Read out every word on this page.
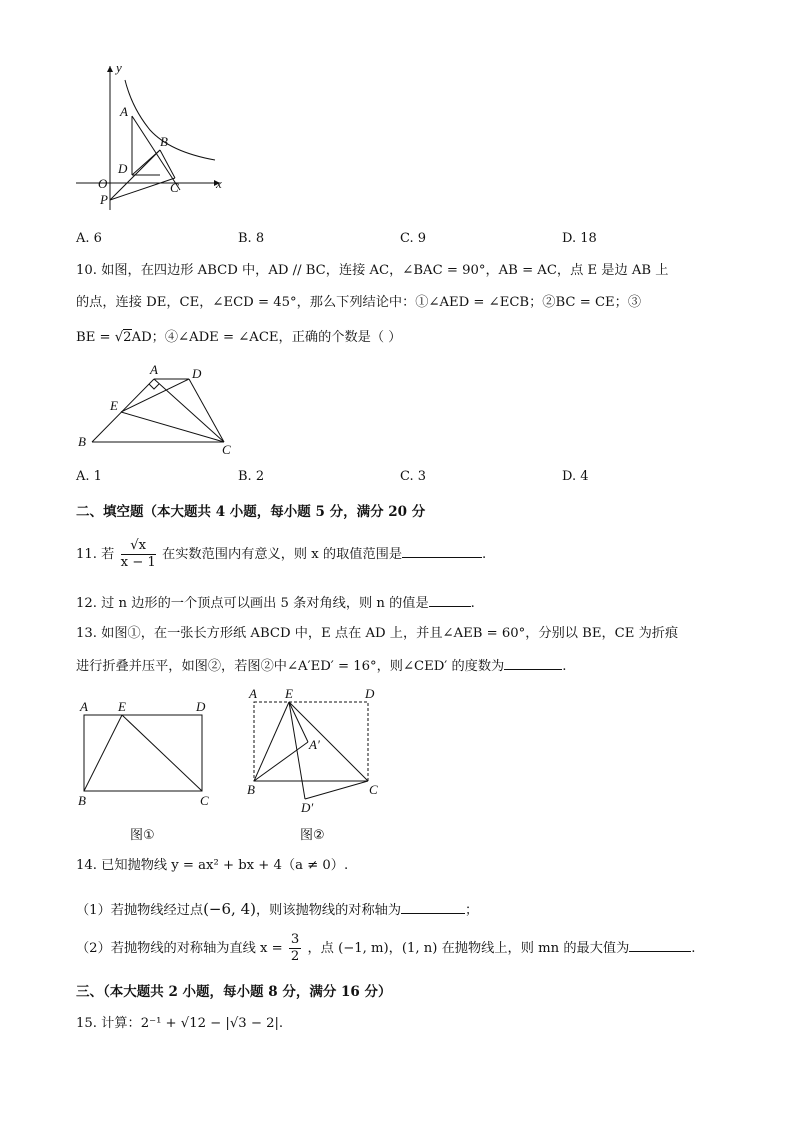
y
x
O
A
B
C
D
P
A. 6	B. 8	C. 9	D. 18
10. 如图，在四边形 ABCD 中，AD // BC，连接 AC，∠BAC = 90°，AB = AC，点 E 是边 AB 上
的点，连接 DE，CE，∠ECD = 45°，那么下列结论中：①∠AED = ∠ECB；②BC = CE；③
BE = √2AD；④∠ADE = ∠ACE，正确的个数是（ ）
A	D
E
B
C
A. 1	B. 2	C. 3	D. 4
二、填空题（本大题共 4 小题，每小题 5 分，满分 20 分
11. 若 $\frac{√x}{x - 1}$ 在实数范围内有意义，则 x 的取值范围是	.
12. 过 n 边形的一个顶点可以画出 5 条对角线，则 n 的值是	.
13. 如图①，在一张长方形纸 ABCD 中，E 点在 AD 上，并且∠AEB = 60°，分别以 BE，CE 为折痕
进行折叠并压平，如图②，若图②中∠A′ED′ = 16°，则∠CED′ 的度数为	.
A E	D
B	C
图①
A E	D
A′
B	C
D′
图②
14. 已知抛物线 y = ax² + bx + 4（a ≠ 0）.
（1）若抛物线经过点(−6, 4)，则该抛物线的对称轴为	；
（2）若抛物线的对称轴为直线 $x = \frac{3}{2}$ ，点 (−1, m)，(1, n) 在抛物线上，则 mn 的最大值为	.
三、（本大题共 2 小题，每小题 8 分，满分 16 分）
15. 计算：2⁻¹ + √12 − |√3 − 2|.
